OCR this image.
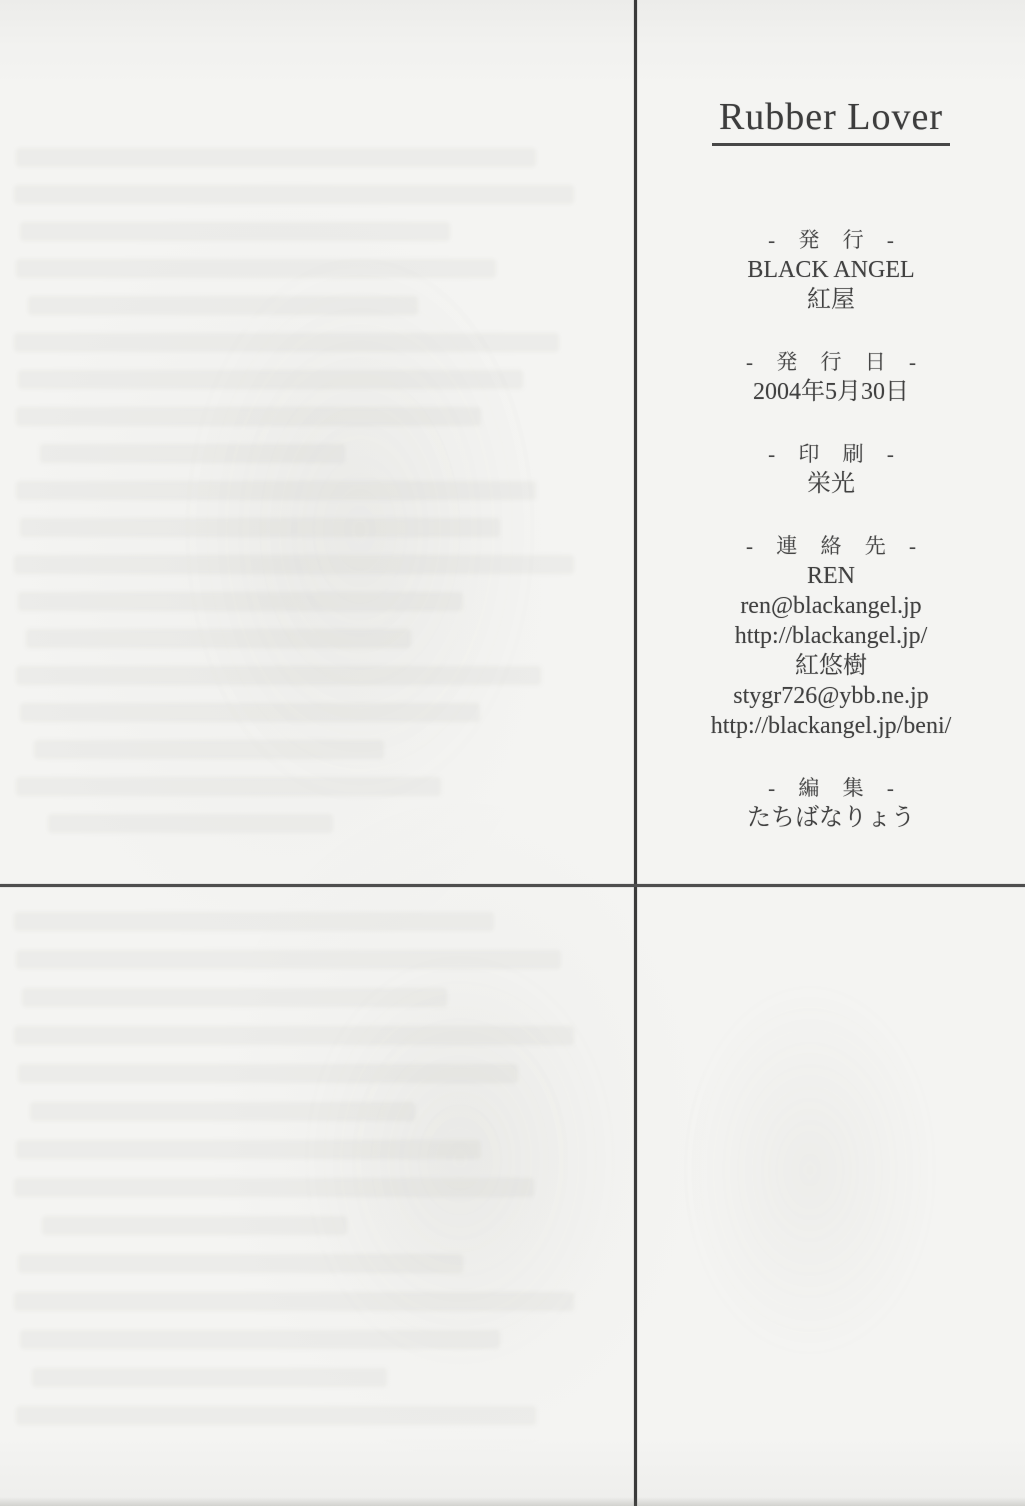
Rubber Lover
- 発 行 -
BLACK ANGEL
紅屋
- 発 行 日 -
2004年5月30日
- 印 刷 -
栄光
- 連 絡 先 -
REN
ren@blackangel.jp
http://blackangel.jp/
紅悠樹
stygr726@ybb.ne.jp
http://blackangel.jp/beni/
- 編 集 -
たちばなりょう
